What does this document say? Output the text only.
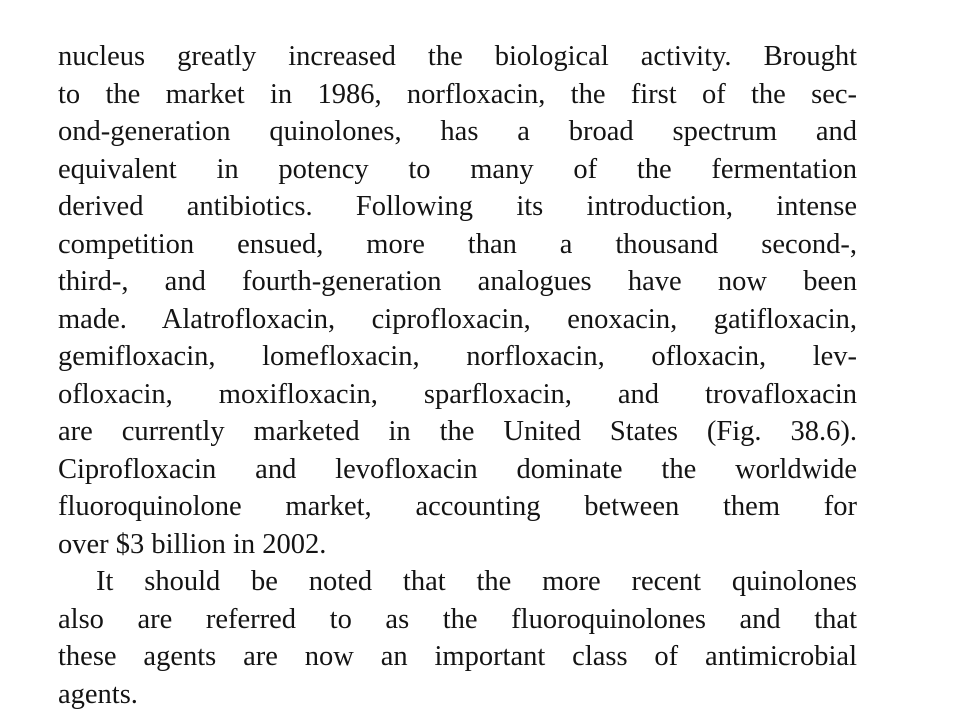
nucleus greatly increased the biological activity. Brought
to the market in 1986, norfloxacin, the first of the sec-
ond-generation quinolones, has a broad spectrum and
equivalent in potency to many of the fermentation
derived antibiotics. Following its introduction, intense
competition ensued, more than a thousand second-,
third-, and fourth-generation analogues have now been
made. Alatrofloxacin, ciprofloxacin, enoxacin, gatifloxacin,
gemifloxacin, lomefloxacin, norfloxacin, ofloxacin, lev-
ofloxacin, moxifloxacin, sparfloxacin, and trovafloxacin
are currently marketed in the United States (Fig. 38.6).
Ciprofloxacin and levofloxacin dominate the worldwide
fluoroquinolone market, accounting between them for
over $3 billion in 2002.
It should be noted that the more recent quinolones
also are referred to as the fluoroquinolones and that
these agents are now an important class of antimicrobial
agents.
